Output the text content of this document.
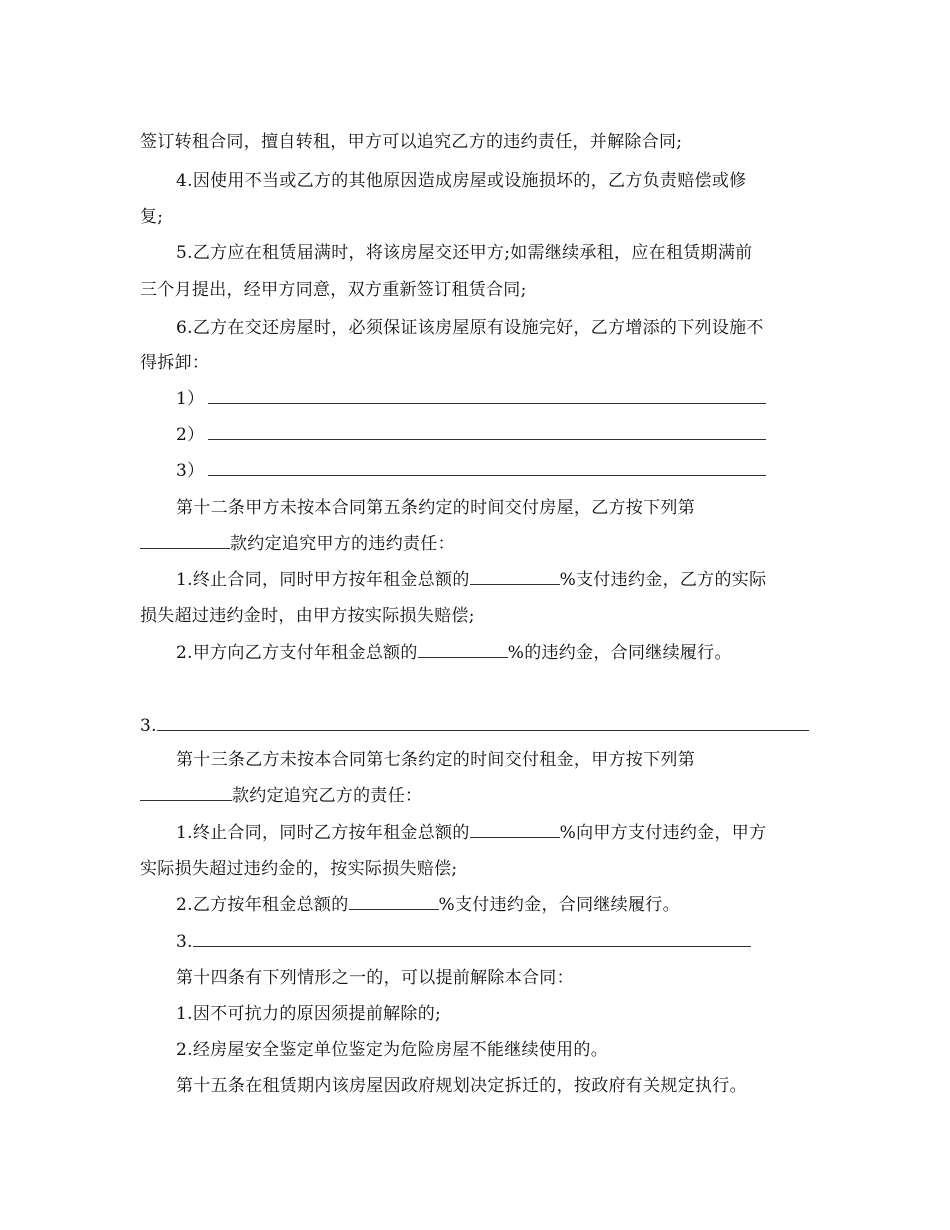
签订转租合同，擅自转租，甲方可以追究乙方的违约责任，并解除合同;
4.因使用不当或乙方的其他原因造成房屋或设施损坏的，乙方负责赔偿或修
复;
5.乙方应在租赁届满时，将该房屋交还甲方;如需继续承租，应在租赁期满前
三个月提出，经甲方同意，双方重新签订租赁合同;
6.乙方在交还房屋时，必须保证该房屋原有设施完好，乙方增添的下列设施不
得拆卸：
1）
2）
3）
第十二条甲方未按本合同第五条约定的时间交付房屋，乙方按下列第
款约定追究甲方的违约责任：
1.终止合同，同时甲方按年租金总额的	%支付违约金，乙方的实际
损失超过违约金时，由甲方按实际损失赔偿;
2.甲方向乙方支付年租金总额的	%的违约金，合同继续履行。
3.
第十三条乙方未按本合同第七条约定的时间交付租金，甲方按下列第
款约定追究乙方的责任：
1.终止合同，同时乙方按年租金总额的	%向甲方支付违约金，甲方
实际损失超过违约金的，按实际损失赔偿;
2.乙方按年租金总额的	%支付违约金，合同继续履行。
3.
第十四条有下列情形之一的，可以提前解除本合同：
1.因不可抗力的原因须提前解除的;
2.经房屋安全鉴定单位鉴定为危险房屋不能继续使用的。
第十五条在租赁期内该房屋因政府规划决定拆迁的，按政府有关规定执行。
